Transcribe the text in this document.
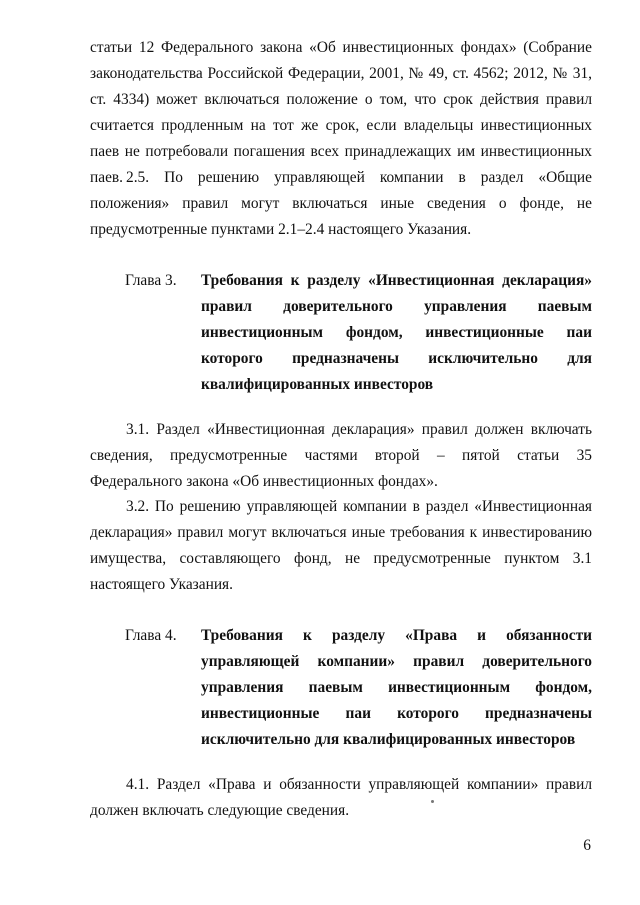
статьи 12 Федерального закона «Об инвестиционных фондах» (Собрание законодательства Российской Федерации, 2001, № 49, ст. 4562; 2012, № 31, ст. 4334) может включаться положение о том, что срок действия правил считается продленным на тот же срок, если владельцы инвестиционных паев не потребовали погашения всех принадлежащих им инвестиционных паев. 2.5. По решению управляющей компании в раздел «Общие положения» правил могут включаться иные сведения о фонде, не предусмотренные пунктами 2.1–2.4 настоящего Указания.

Глава 3.	Требования к разделу «Инвестиционная декларация» правил доверительного управления паевым инвестиционным фондом, инвестиционные паи которого предназначены исключительно для квалифицированных инвесторов

3.1. Раздел «Инвестиционная декларация» правил должен включать сведения, предусмотренные частями второй – пятой статьи 35 Федерального закона «Об инвестиционных фондах».

3.2. По решению управляющей компании в раздел «Инвестиционная декларация» правил могут включаться иные требования к инвестированию имущества, составляющего фонд, не предусмотренные пунктом 3.1 настоящего Указания.

Глава 4.	Требования к разделу «Права и обязанности управляющей компании» правил доверительного управления паевым инвестиционным фондом, инвестиционные паи которого предназначены исключительно для квалифицированных инвесторов

4.1. Раздел «Права и обязанности управляющей компании» правил должен включать следующие сведения.

6
